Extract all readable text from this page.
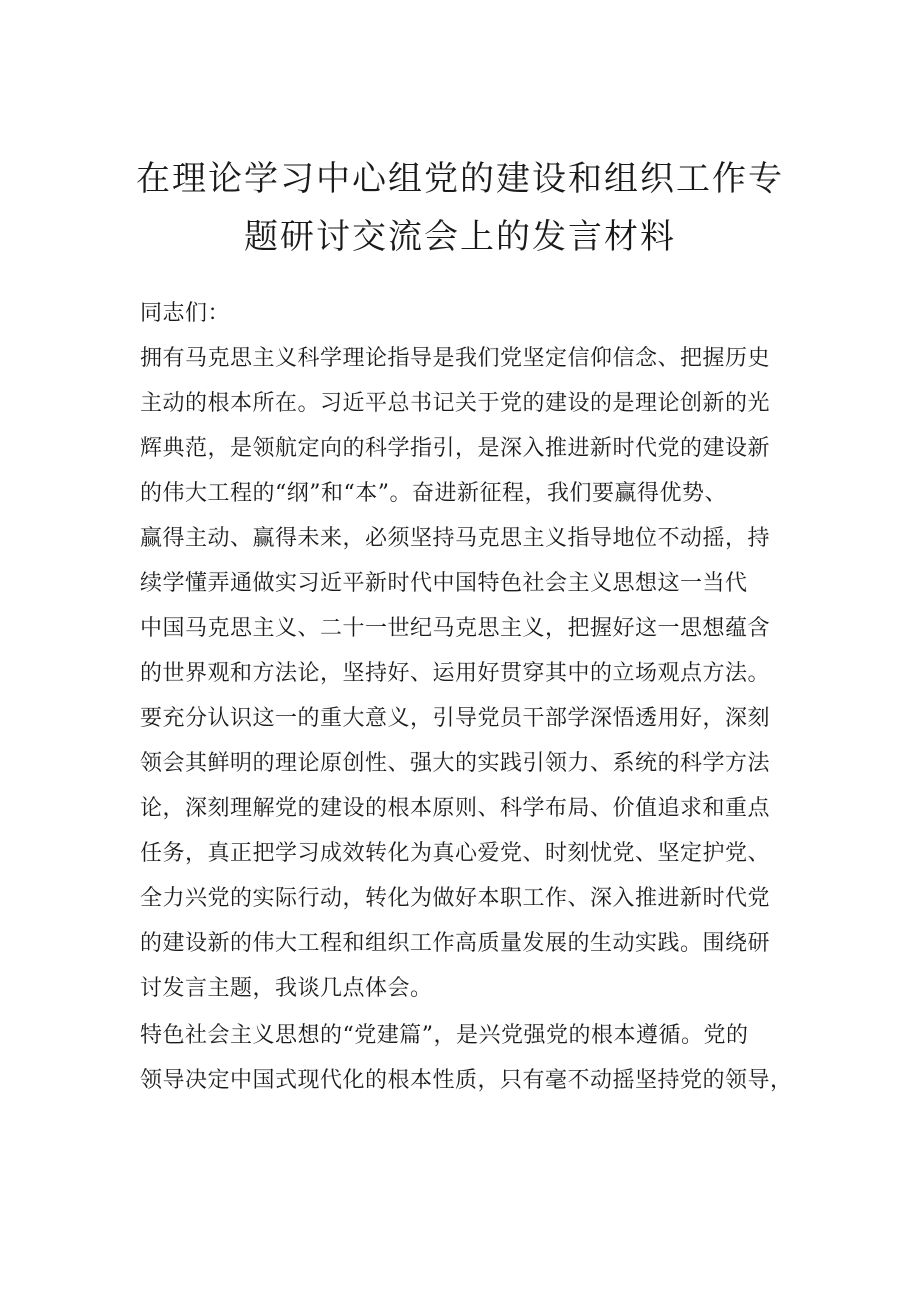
在理论学习中心组党的建设和组织工作专
题研讨交流会上的发言材料
同志们：
拥有马克思主义科学理论指导是我们党坚定信仰信念、把握历史
主动的根本所在。习近平总书记关于党的建设的是理论创新的光
辉典范，是领航定向的科学指引，是深入推进新时代党的建设新
的伟大工程的“纲”和“本”。奋进新征程，我们要赢得优势、
赢得主动、赢得未来，必须坚持马克思主义指导地位不动摇，持
续学懂弄通做实习近平新时代中国特色社会主义思想这一当代
中国马克思主义、二十一世纪马克思主义，把握好这一思想蕴含
的世界观和方法论，坚持好、运用好贯穿其中的立场观点方法。
要充分认识这一的重大意义，引导党员干部学深悟透用好，深刻
领会其鲜明的理论原创性、强大的实践引领力、系统的科学方法
论，深刻理解党的建设的根本原则、科学布局、价值追求和重点
任务，真正把学习成效转化为真心爱党、时刻忧党、坚定护党、
全力兴党的实际行动，转化为做好本职工作、深入推进新时代党
的建设新的伟大工程和组织工作高质量发展的生动实践。围绕研
讨发言主题，我谈几点体会。
特色社会主义思想的“党建篇”，是兴党强党的根本遵循。党的
领导决定中国式现代化的根本性质，只有毫不动摇坚持党的领导，
